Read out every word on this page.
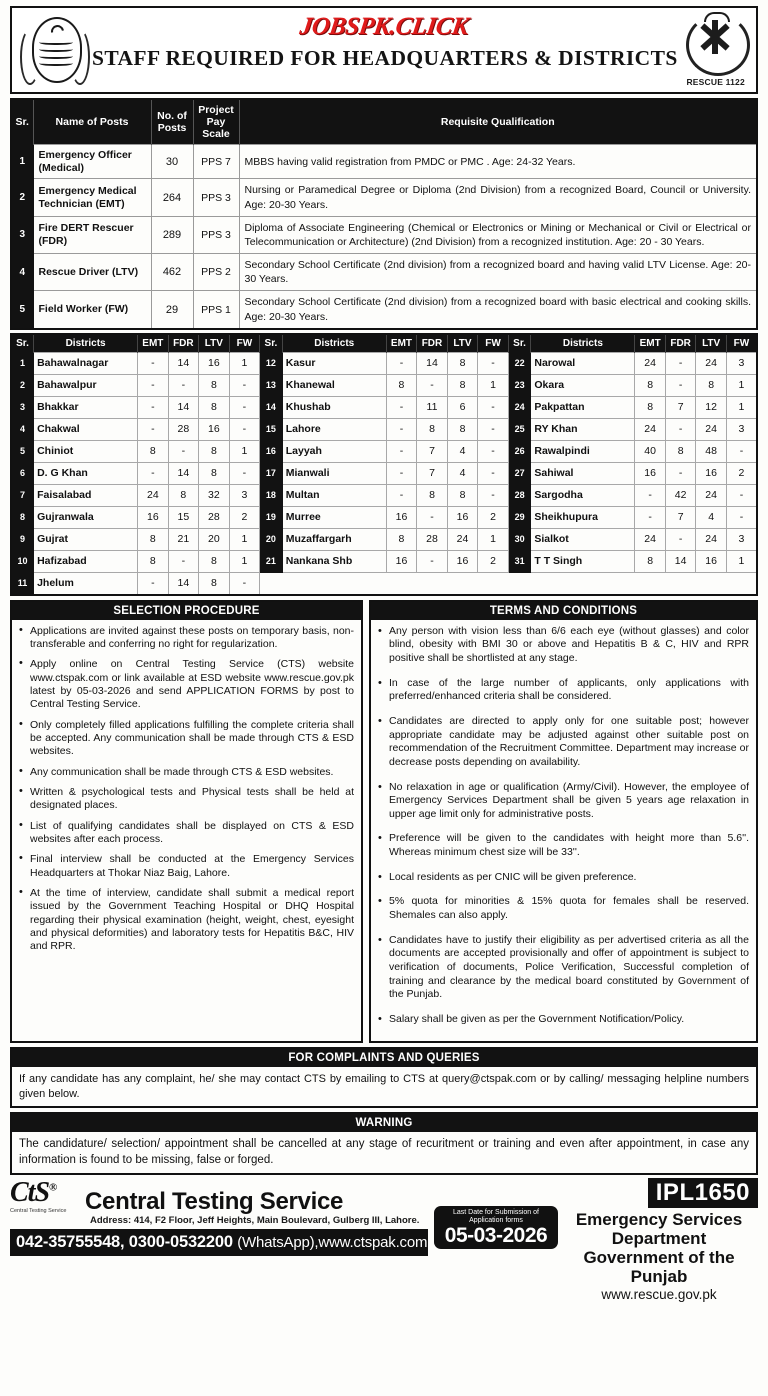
JOBSPK.CLICK
STAFF REQUIRED FOR HEADQUARTERS & DISTRICTS
RESCUE 1122
Sr.	Name of Posts	No. of Posts	Project Pay Scale	Requisite Qualification
1	Emergency Officer (Medical)	30	PPS 7	MBBS having valid registration from PMDC or PMC . Age: 24-32 Years.
2	Emergency Medical Technician (EMT)	264	PPS 3	Nursing or Paramedical Degree or Diploma (2nd Division) from a recognized Board, Council or University. Age: 20-30 Years.
3	Fire DERT Rescuer (FDR)	289	PPS 3	Diploma of Associate Engineering (Chemical or Electronics or Mining or Mechanical or Civil or Electrical or Telecommunication or Architecture) (2nd Division) from a recognized institution. Age: 20 - 30 Years.
4	Rescue Driver (LTV)	462	PPS 2	Secondary School Certificate (2nd division) from a recognized board and having valid LTV License. Age: 20-30 Years.
5	Field Worker (FW)	29	PPS 1	Secondary School Certificate (2nd division) from a recognized board with basic electrical and cooking skills. Age: 20-30 Years.
Sr.	Districts	EMT	FDR	LTV	FW	Sr.	Districts	EMT	FDR	LTV	FW	Sr.	Districts	EMT	FDR	LTV	FW
1	Bahawalnagar	-	14	16	1	12	Kasur	-	14	8	-	22	Narowal	24	-	24	3
2	Bahawalpur	-	-	8	-	13	Khanewal	8	-	8	1	23	Okara	8	-	8	1
3	Bhakkar	-	14	8	-	14	Khushab	-	11	6	-	24	Pakpattan	8	7	12	1
4	Chakwal	-	28	16	-	15	Lahore	-	8	8	-	25	RY Khan	24	-	24	3
5	Chiniot	8	-	8	1	16	Layyah	-	7	4	-	26	Rawalpindi	40	8	48	-
6	D. G Khan	-	14	8	-	17	Mianwali	-	7	4	-	27	Sahiwal	16	-	16	2
7	Faisalabad	24	8	32	3	18	Multan	-	8	8	-	28	Sargodha	-	42	24	-
8	Gujranwala	16	15	28	2	19	Murree	16	-	16	2	29	Sheikhupura	-	7	4	-
9	Gujrat	8	21	20	1	20	Muzaffargarh	8	28	24	1	30	Sialkot	24	-	24	3
10	Hafizabad	8	-	8	1	21	Nankana Shb	16	-	16	2	31	T T Singh	8	14	16	1
11	Jhelum	-	14	8	-												
SELECTION PROCEDURE
• Applications are invited against these posts on temporary basis, non-transferable and conferring no right for regularization.
• Apply online on Central Testing Service (CTS) website www.ctspak.com or link available at ESD website www.rescue.gov.pk latest by 05-03-2026 and send APPLICATION FORMS by post to Central Testing Service.
• Only completely filled applications fulfilling the complete criteria shall be accepted. Any communication shall be made through CTS & ESD websites.
• Any communication shall be made through CTS & ESD websites.
• Written & psychological tests and Physical tests shall be held at designated places.
• List of qualifying candidates shall be displayed on CTS & ESD websites after each process.
• Final interview shall be conducted at the Emergency Services Headquarters at Thokar Niaz Baig, Lahore.
• At the time of interview, candidate shall submit a medical report issued by the Government Teaching Hospital or DHQ Hospital regarding their physical examination (height, weight, chest, eyesight and physical deformities) and laboratory tests for Hepatitis B&C, HIV and RPR.
TERMS AND CONDITIONS
• Any person with vision less than 6/6 each eye (without glasses) and color blind, obesity with BMI 30 or above and Hepatitis B & C, HIV and RPR positive shall be shortlisted at any stage.
• In case of the large number of applicants, only applications with preferred/enhanced criteria shall be considered.
• Candidates are directed to apply only for one suitable post; however appropriate candidate may be adjusted against other suitable post on recommendation of the Recruitment Committee. Department may increase or decrease posts depending on availability.
• No relaxation in age or qualification (Army/Civil). However, the employee of Emergency Services Department shall be given 5 years age relaxation in upper age limit only for administrative posts.
• Preference will be given to the candidates with height more than 5.6''. Whereas minimum chest size will be 33''.
• Local residents as per CNIC will be given preference.
• 5% quota for minorities & 15% quota for females shall be reserved. Shemales can also apply.
• Candidates have to justify their eligibility as per advertised criteria as all the documents are accepted provisionally and offer of appointment is subject to verification of documents, Police Verification, Successful completion of training and clearance by the medical board constituted by Government of the Punjab.
• Salary shall be given as per the Government Notification/Policy.
FOR COMPLAINTS AND QUERIES
If any candidate has any complaint, he/ she may contact CTS by emailing to CTS at query@ctspak.com or by calling/ messaging helpline numbers given below.
WARNING
The candidature/ selection/ appointment shall be cancelled at any stage of recuritment or training and even after appointment, in case any information is found to be missing, false or forged.
CtS®
Central Testing Service Central Testing Service
Address: 414, F2 Floor, Jeff Heights, Main Boulevard, Gulberg III, Lahore.
042-35755548, 0300-0532200 (WhatsApp),www.ctspak.com
IPL1650
Last Date for Submission of Application forms
05-03-2026
Emergency Services Department
Government of the Punjab
www.rescue.gov.pk
